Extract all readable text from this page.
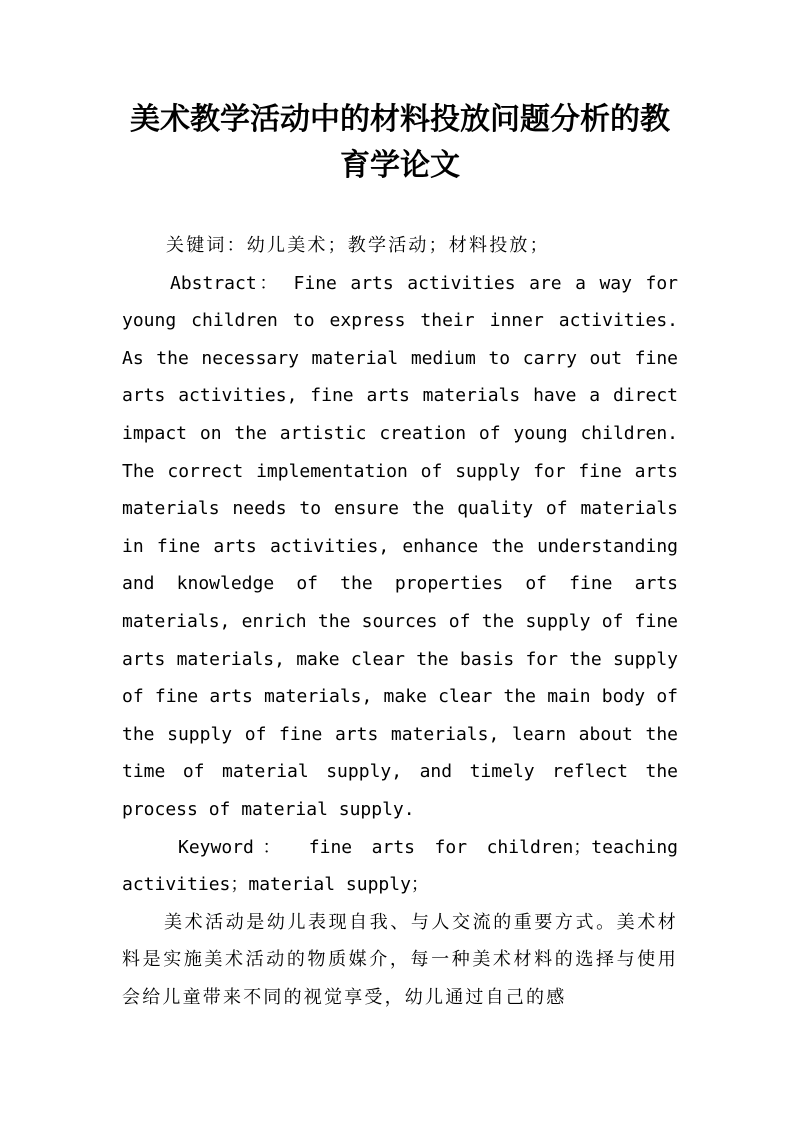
美术教学活动中的材料投放问题分析的教
育学论文

关键词：幼儿美术；教学活动；材料投放；

Abstract： Fine arts activities are a way for young children to express their inner activities. As the necessary material medium to carry out fine arts activities, fine arts materials have a direct impact on the artistic creation of young children. The correct implementation of supply for fine arts materials needs to ensure the quality of materials in fine arts activities, enhance the understanding and knowledge of the properties of fine arts materials, enrich the sources of the supply of fine arts materials, make clear the basis for the supply of fine arts materials, make clear the main body of the supply of fine arts materials, learn about the time of material supply, and timely reflect the process of material supply.

Keyword： fine arts for children；teaching activities；material supply；

美术活动是幼儿表现自我、与人交流的重要方式。美术材料是实施美术活动的物质媒介，每一种美术材料的选择与使用会给儿童带来不同的视觉享受，幼儿通过自己的感
